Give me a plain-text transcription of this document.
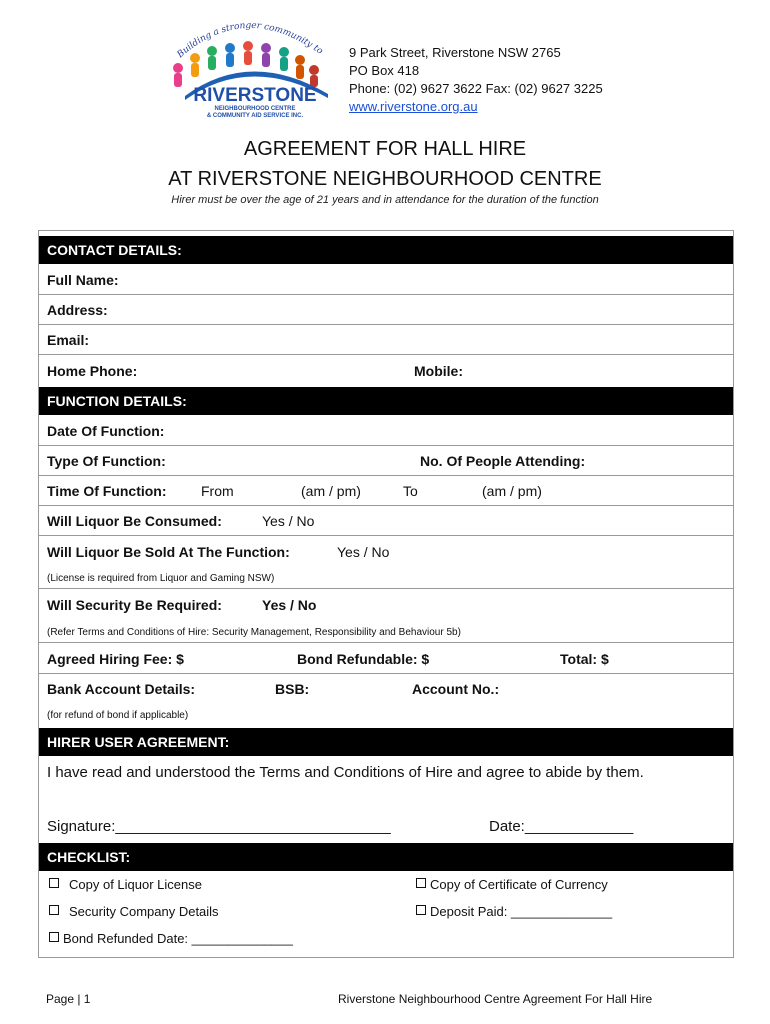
Building a stronger community to
RIVERSTONE
NEIGHBOURHOOD CENTRE
& COMMUNITY AID SERVICE INC.
9 Park Street, Riverstone NSW 2765
PO Box 418
Phone: (02) 9627 3622 Fax: (02) 9627 3225
www.riverstone.org.au
AGREEMENT FOR HALL HIRE
AT RIVERSTONE NEIGHBOURHOOD CENTRE
Hirer must be over the age of 21 years and in attendance for the duration of the function
CONTACT DETAILS:
Full Name:
Address:
Email:
Home Phone:	Mobile:
FUNCTION DETAILS:
Date Of Function:
Type Of Function:	No. Of People Attending:
Time Of Function: From	(am / pm)	To	(am / pm)
Will Liquor Be Consumed:	Yes / No
Will Liquor Be Sold At The Function:	Yes / No
(License is required from Liquor and Gaming NSW)
Will Security Be Required:	Yes / No
(Refer Terms and Conditions of Hire: Security Management, Responsibility and Behaviour 5b)
Agreed Hiring Fee: $	Bond Refundable: $	Total: $
Bank Account Details:	BSB:	Account No.:
(for refund of bond if applicable)
HIRER USER AGREEMENT:
I have read and understood the Terms and Conditions of Hire and agree to abide by them.
Signature:_________________________________	Date:_____________
CHECKLIST:
Copy of Liquor License	Copy of Certificate of Currency
Security Company Details	Deposit Paid: ______________
Bond Refunded Date: ______________
Page | 1	Riverstone Neighbourhood Centre Agreement For Hall Hire
